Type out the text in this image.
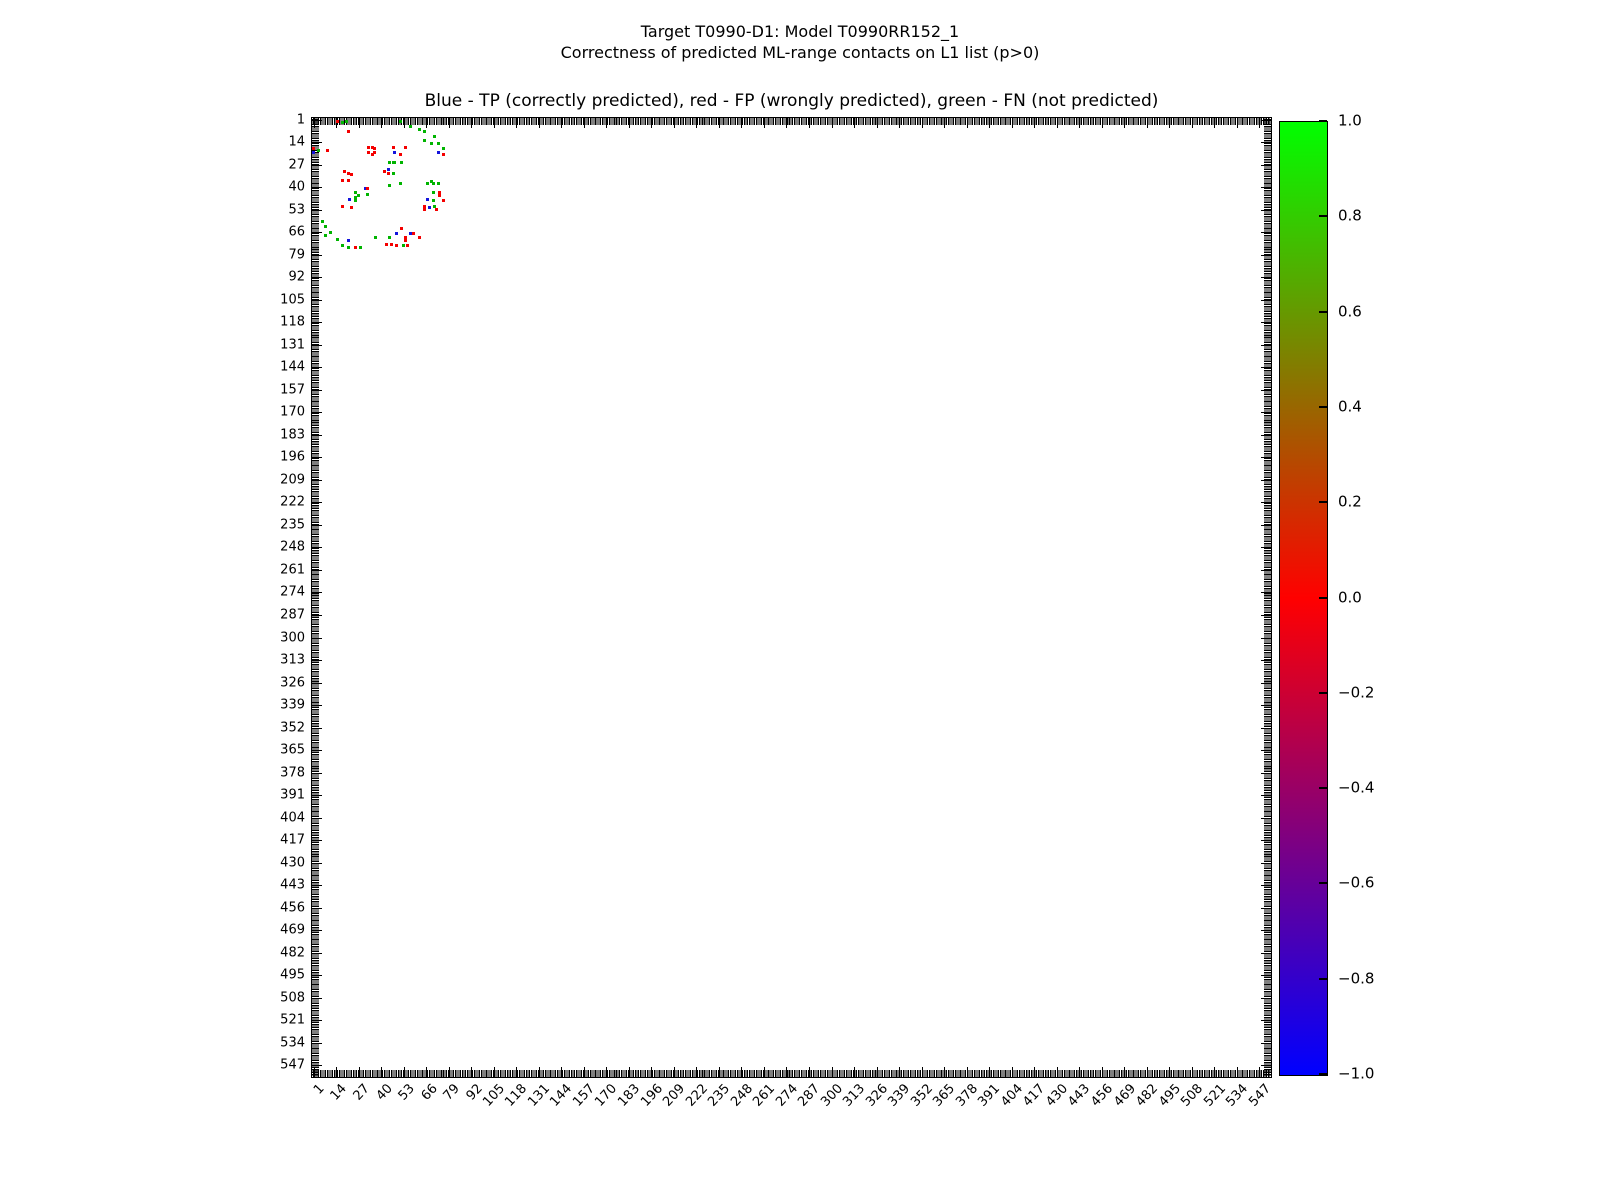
Target T0990-D1: Model T0990RR152_1
Correctness of predicted ML-range contacts on L1 list (p>0)
Blue - TP (correctly predicted), red - FP (wrongly predicted), green - FN (not predicted)
1
14
27
40
53
66
79
92
105
118
131
144
157
170
183
196
209
222
235
248
261
274
287
300
313
326
339
352
365
378
391
404
417
430
443
456
469
482
495
508
521
534
547
1 14 27 40 53 66 79 92
105
118
131
144
157
170
183
196
209
222
235
248
261
274
287
300
313
326
339
352
365
378
391
404
417
430
443
456
469
482
495
508
521
534
547
1.0
0.8
0.6
0.4
0.2
0.0
−0.2
−0.4
−0.6
−0.8
−1.0
